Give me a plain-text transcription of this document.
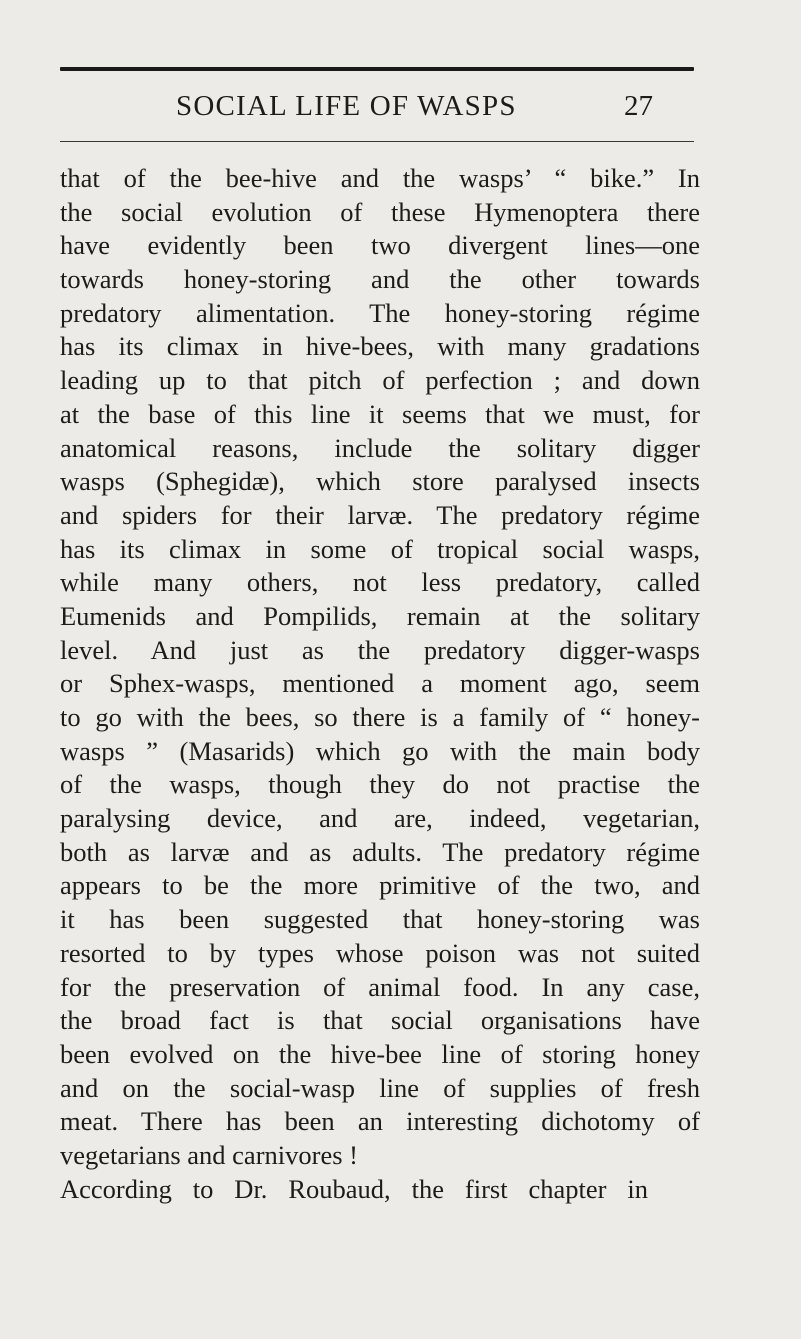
SOCIAL LIFE OF WASPS	27
that of the bee-hive and the wasps’ “ bike.” In
the social evolution of these Hymenoptera there
have evidently been two divergent lines—one
towards honey-storing and the other towards
predatory alimentation. The honey-storing régime
has its climax in hive-bees, with many gradations
leading up to that pitch of perfection ; and down
at the base of this line it seems that we must, for
anatomical reasons, include the solitary digger
wasps (Sphegidæ), which store paralysed insects
and spiders for their larvæ. The predatory régime
has its climax in some of tropical social wasps,
while many others, not less predatory, called
Eumenids and Pompilids, remain at the solitary
level. And just as the predatory digger-wasps
or Sphex-wasps, mentioned a moment ago, seem
to go with the bees, so there is a family of “ honey-
wasps ” (Masarids) which go with the main body
of the wasps, though they do not practise the
paralysing device, and are, indeed, vegetarian,
both as larvæ and as adults. The predatory régime
appears to be the more primitive of the two, and
it has been suggested that honey-storing was
resorted to by types whose poison was not suited
for the preservation of animal food. In any case,
the broad fact is that social organisations have
been evolved on the hive-bee line of storing honey
and on the social-wasp line of supplies of fresh
meat. There has been an interesting dichotomy of
vegetarians and carnivores !
According to Dr. Roubaud, the first chapter in
